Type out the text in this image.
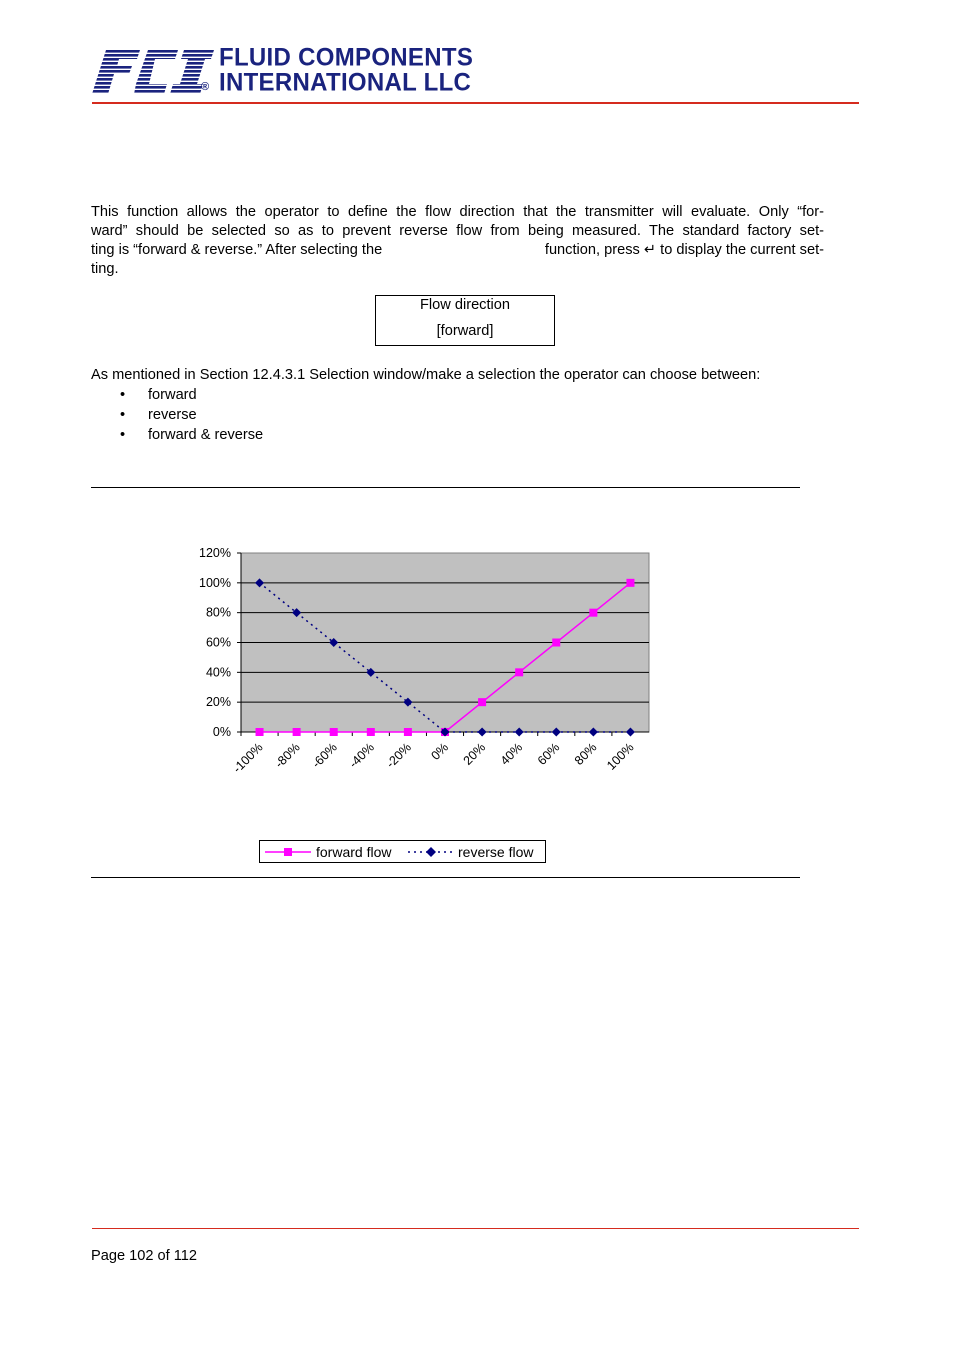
FLUID COMPONENTS
® INTERNATIONAL LLC
This function allows the operator to define the flow direction that the transmitter will evaluate. Only “for-
ward” should be selected so as to prevent reverse flow from being measured. The standard factory set-
ting is “forward & reverse.” After selecting the	function, press ↵ to display the current set-
ting.
Flow direction
[forward]
As mentioned in Section 12.4.3.1 Selection window/make a selection the operator can choose between:
• forward
• reverse
• forward & reverse
0%
20%
40%
60%
80%
100%
120%
-100% -80% -60% -40% -20% 0% 20% 40% 60% 80% 100%
forward flow	reverse flow
Page 102 of 112
